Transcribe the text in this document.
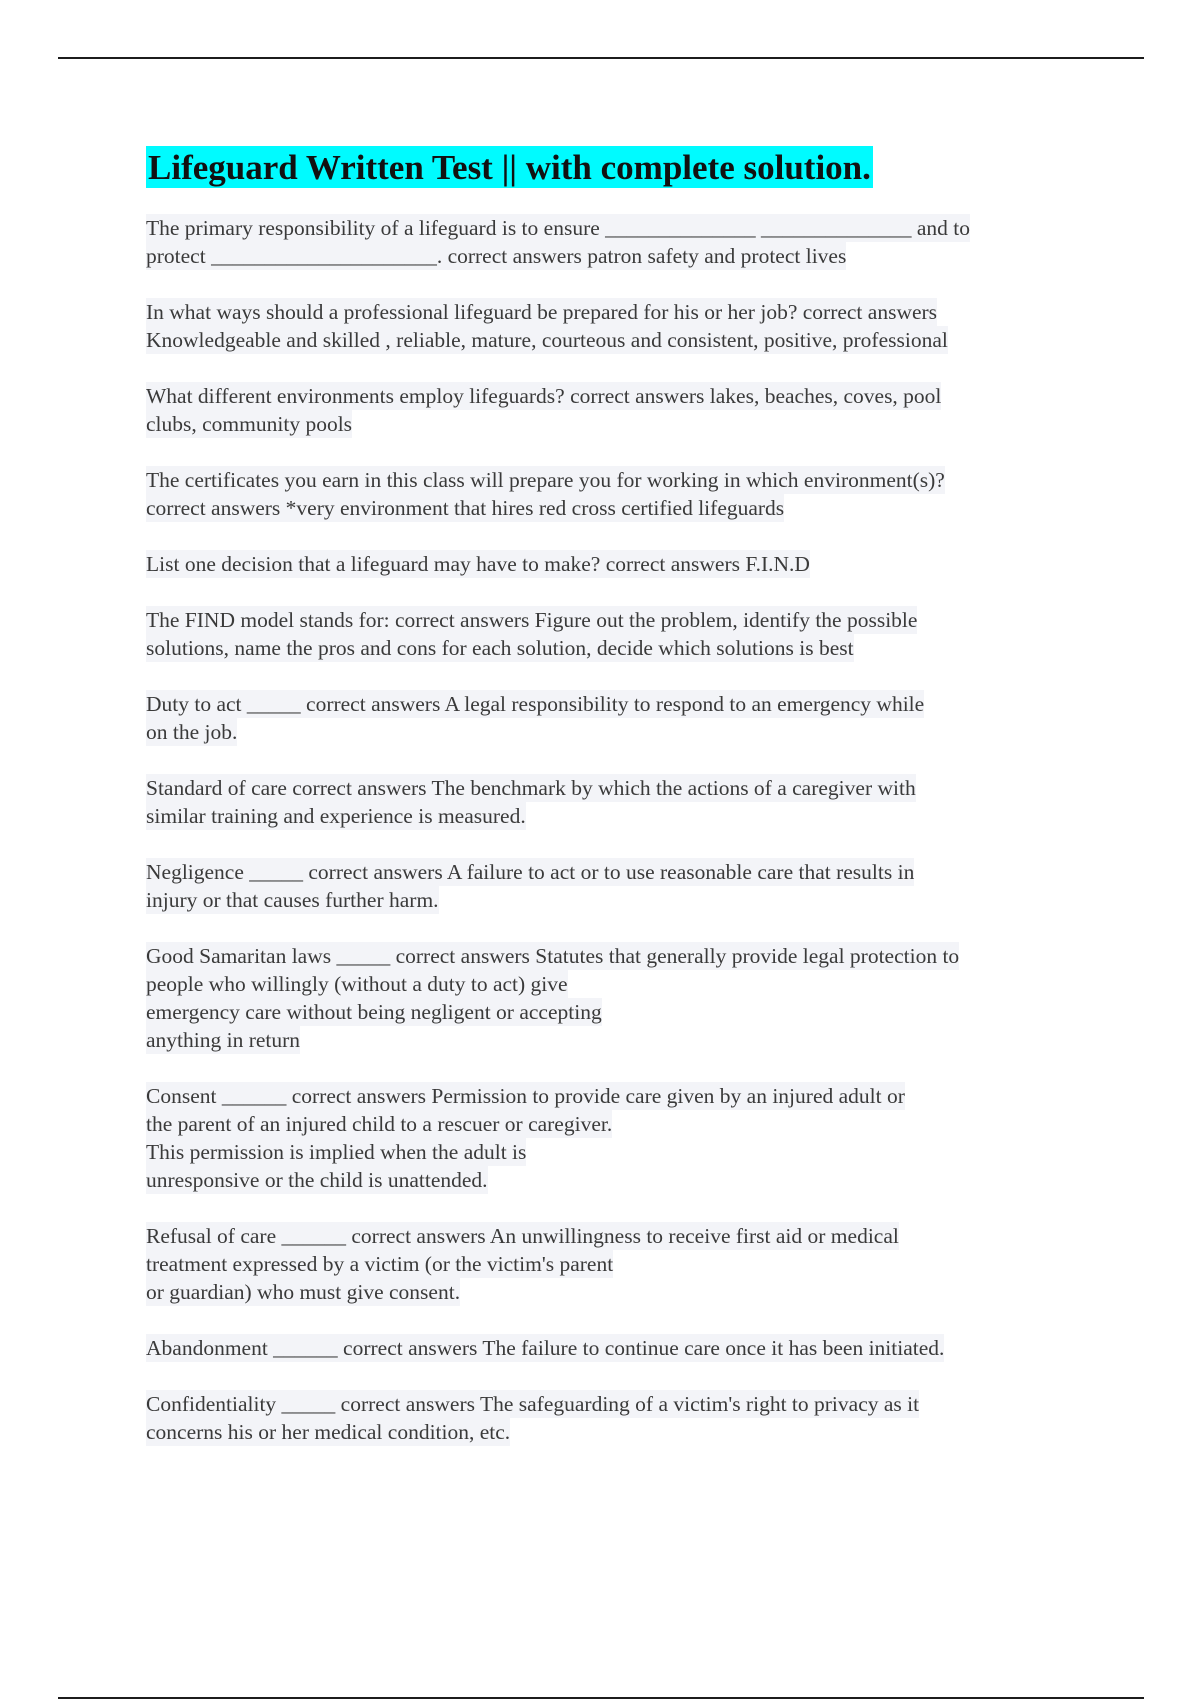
Lifeguard Written Test || with complete solution.
The primary responsibility of a lifeguard is to ensure ______________ ______________ and to
protect _____________________. correct answers patron safety and protect lives
In what ways should a professional lifeguard be prepared for his or her job? correct answers
Knowledgeable and skilled , reliable, mature, courteous and consistent, positive, professional
What different environments employ lifeguards? correct answers lakes, beaches, coves, pool
clubs, community pools
The certificates you earn in this class will prepare you for working in which environment(s)?
correct answers *very environment that hires red cross certified lifeguards
List one decision that a lifeguard may have to make? correct answers F.I.N.D
The FIND model stands for: correct answers Figure out the problem, identify the possible
solutions, name the pros and cons for each solution, decide which solutions is best
Duty to act _____ correct answers A legal responsibility to respond to an emergency while
on the job.
Standard of care correct answers The benchmark by which the actions of a caregiver with
similar training and experience is measured.
Negligence _____ correct answers A failure to act or to use reasonable care that results in
injury or that causes further harm.
Good Samaritan laws _____ correct answers Statutes that generally provide legal protection to
people who willingly (without a duty to act) give
emergency care without being negligent or accepting
anything in return
Consent ______ correct answers Permission to provide care given by an injured adult or
the parent of an injured child to a rescuer or caregiver.
This permission is implied when the adult is
unresponsive or the child is unattended.
Refusal of care ______ correct answers An unwillingness to receive first aid or medical
treatment expressed by a victim (or the victim's parent
or guardian) who must give consent.
Abandonment ______ correct answers The failure to continue care once it has been initiated.
Confidentiality _____ correct answers The safeguarding of a victim's right to privacy as it
concerns his or her medical condition, etc.
